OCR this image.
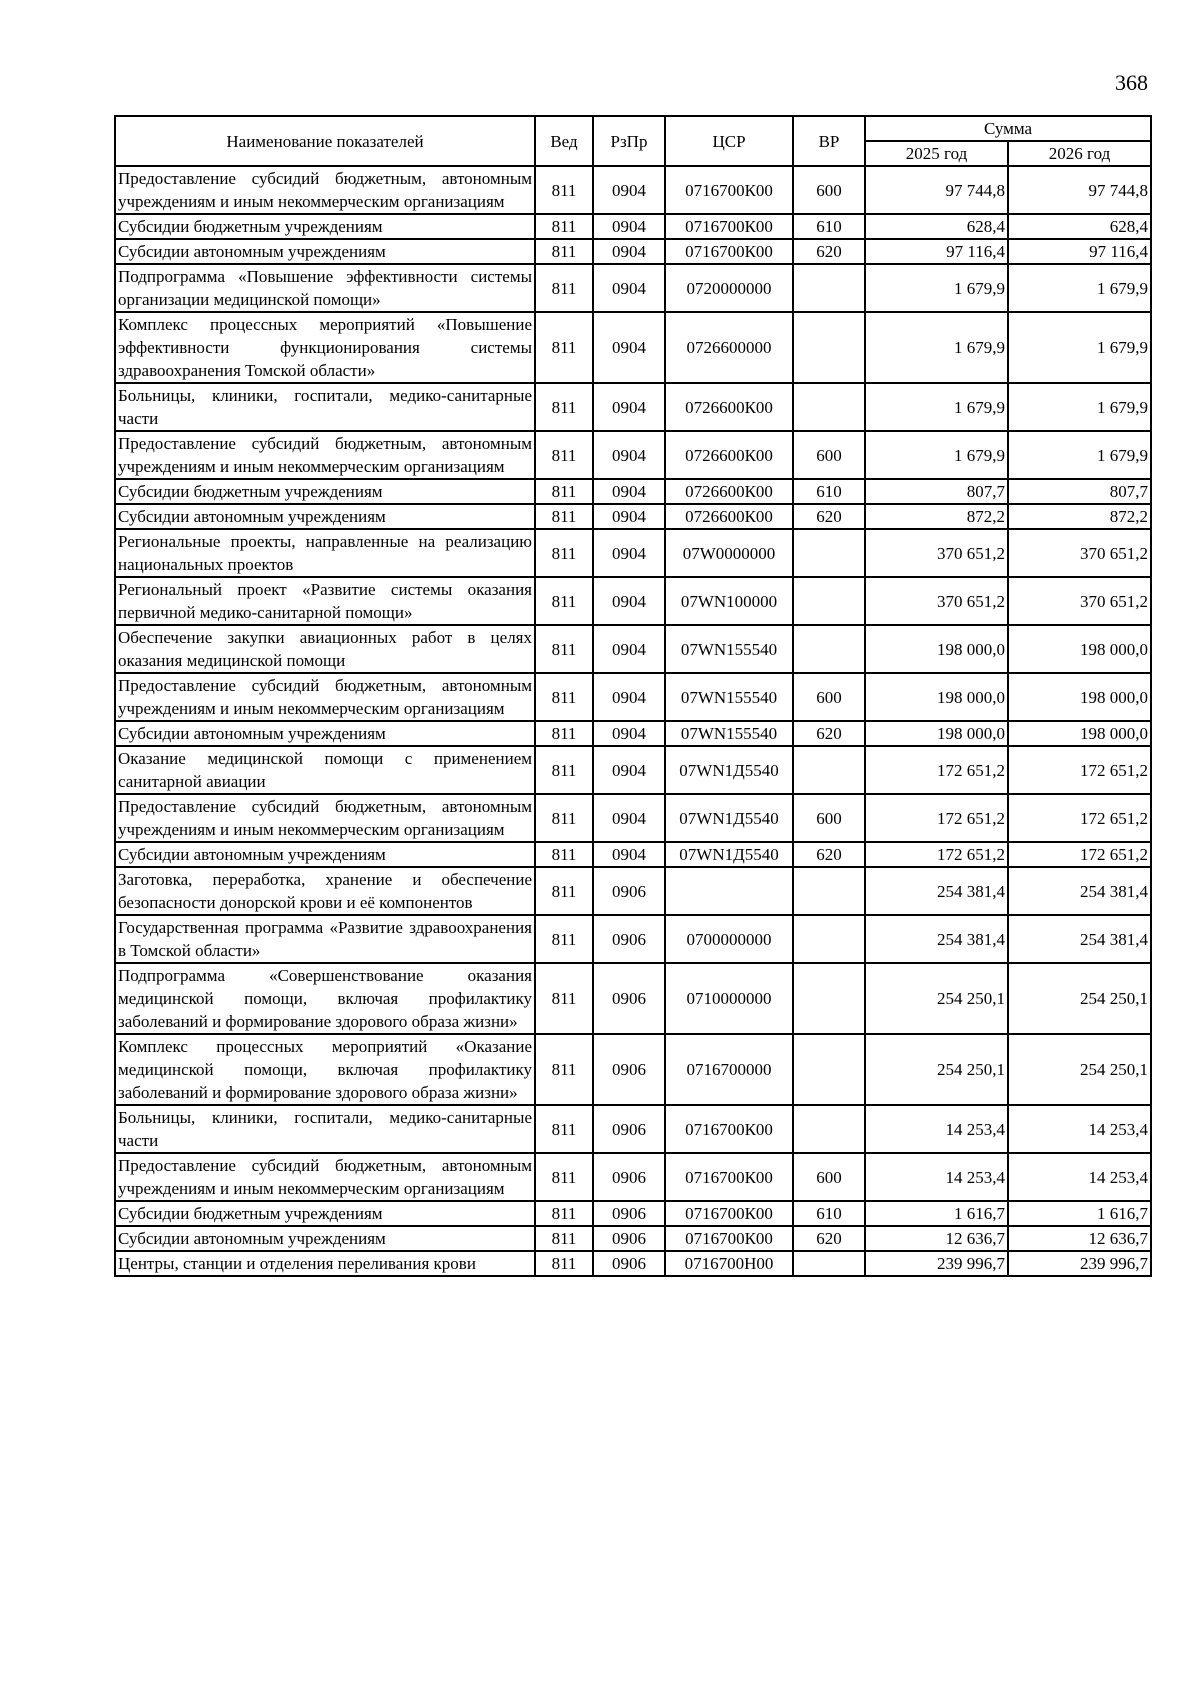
368
Наименование показателей	Вед	РзПр	ЦСР	ВР	Сумма	
					2025 год	2026 год
Предоставление субсидий бюджетным, автономным учреждениям и иным некоммерческим организациям	811	0904	0716700К00	600	97 744,8	97 744,8
Субсидии бюджетным учреждениям	811	0904	0716700К00	610	628,4	628,4
Субсидии автономным учреждениям	811	0904	0716700К00	620	97 116,4	97 116,4
Подпрограмма «Повышение эффективности системы организации медицинской помощи»	811	0904	0720000000		1 679,9	1 679,9
Комплекс процессных мероприятий «Повышение эффективности функционирования системы здравоохранения Томской области»	811	0904	0726600000		1 679,9	1 679,9
Больницы, клиники, госпитали, медико-санитарные части	811	0904	0726600К00		1 679,9	1 679,9
Предоставление субсидий бюджетным, автономным учреждениям и иным некоммерческим организациям	811	0904	0726600К00	600	1 679,9	1 679,9
Субсидии бюджетным учреждениям	811	0904	0726600К00	610	807,7	807,7
Субсидии автономным учреждениям	811	0904	0726600К00	620	872,2	872,2
Региональные проекты, направленные на реализацию национальных проектов	811	0904	07W0000000		370 651,2	370 651,2
Региональный проект «Развитие системы оказания первичной медико-санитарной помощи»	811	0904	07WN100000		370 651,2	370 651,2
Обеспечение закупки авиационных работ в целях оказания медицинской помощи	811	0904	07WN155540		198 000,0	198 000,0
Предоставление субсидий бюджетным, автономным учреждениям и иным некоммерческим организациям	811	0904	07WN155540	600	198 000,0	198 000,0
Субсидии автономным учреждениям	811	0904	07WN155540	620	198 000,0	198 000,0
Оказание медицинской помощи с применением санитарной авиации	811	0904	07WN1Д5540		172 651,2	172 651,2
Предоставление субсидий бюджетным, автономным учреждениям и иным некоммерческим организациям	811	0904	07WN1Д5540	600	172 651,2	172 651,2
Субсидии автономным учреждениям	811	0904	07WN1Д5540	620	172 651,2	172 651,2
Заготовка, переработка, хранение и обеспечение безопасности донорской крови и её компонентов	811	0906			254 381,4	254 381,4
Государственная программа «Развитие здравоохранения в Томской области»	811	0906	0700000000		254 381,4	254 381,4
Подпрограмма «Совершенствование оказания медицинской помощи, включая профилактику заболеваний и формирование здорового образа жизни»	811	0906	0710000000		254 250,1	254 250,1
Комплекс процессных мероприятий «Оказание медицинской помощи, включая профилактику заболеваний и формирование здорового образа жизни»	811	0906	0716700000		254 250,1	254 250,1
Больницы, клиники, госпитали, медико-санитарные части	811	0906	0716700К00		14 253,4	14 253,4
Предоставление субсидий бюджетным, автономным учреждениям и иным некоммерческим организациям	811	0906	0716700К00	600	14 253,4	14 253,4
Субсидии бюджетным учреждениям	811	0906	0716700К00	610	1 616,7	1 616,7
Субсидии автономным учреждениям	811	0906	0716700К00	620	12 636,7	12 636,7
Центры, станции и отделения переливания крови	811	0906	0716700Н00		239 996,7	239 996,7
